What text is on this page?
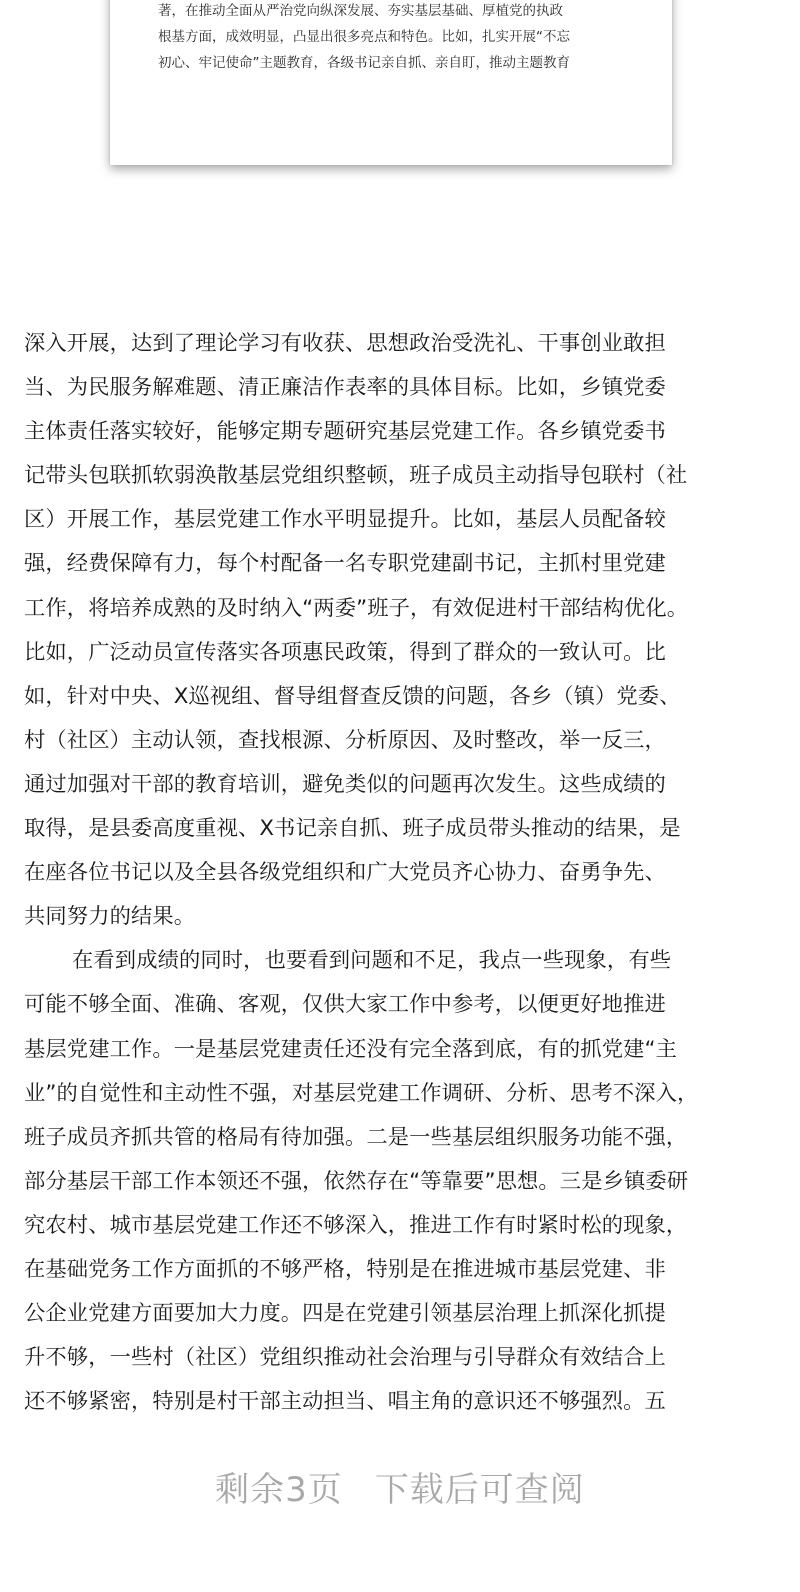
著，在推动全面从严治党向纵深发展、夯实基层基础、厚植党的执政
根基方面，成效明显，凸显出很多亮点和特色。比如，扎实开展“不忘
初心、牢记使命”主题教育，各级书记亲自抓、亲自盯，推动主题教育
深入开展，达到了理论学习有收获、思想政治受洗礼、干事创业敢担
当、为民服务解难题、清正廉洁作表率的具体目标。比如，乡镇党委
主体责任落实较好，能够定期专题研究基层党建工作。各乡镇党委书
记带头包联抓软弱涣散基层党组织整顿，班子成员主动指导包联村（社
区）开展工作，基层党建工作水平明显提升。比如，基层人员配备较
强，经费保障有力，每个村配备一名专职党建副书记，主抓村里党建
工作，将培养成熟的及时纳入“两委”班子，有效促进村干部结构优化。
比如，广泛动员宣传落实各项惠民政策，得到了群众的一致认可。比
如，针对中央、X巡视组、督导组督查反馈的问题，各乡（镇）党委、
村（社区）主动认领，查找根源、分析原因、及时整改，举一反三，
通过加强对干部的教育培训，避免类似的问题再次发生。这些成绩的
取得，是县委高度重视、X书记亲自抓、班子成员带头推动的结果，是
在座各位书记以及全县各级党组织和广大党员齐心协力、奋勇争先、
共同努力的结果。
在看到成绩的同时，也要看到问题和不足，我点一些现象，有些
可能不够全面、准确、客观，仅供大家工作中参考，以便更好地推进
基层党建工作。一是基层党建责任还没有完全落到底，有的抓党建“主
业”的自觉性和主动性不强，对基层党建工作调研、分析、思考不深入，
班子成员齐抓共管的格局有待加强。二是一些基层组织服务功能不强，
部分基层干部工作本领还不强，依然存在“等靠要”思想。三是乡镇委研
究农村、城市基层党建工作还不够深入，推进工作有时紧时松的现象，
在基础党务工作方面抓的不够严格，特别是在推进城市基层党建、非
公企业党建方面要加大力度。四是在党建引领基层治理上抓深化抓提
升不够，一些村（社区）党组织推动社会治理与引导群众有效结合上
还不够紧密，特别是村干部主动担当、唱主角的意识还不够强烈。五
剩余3页 下载后可查阅
